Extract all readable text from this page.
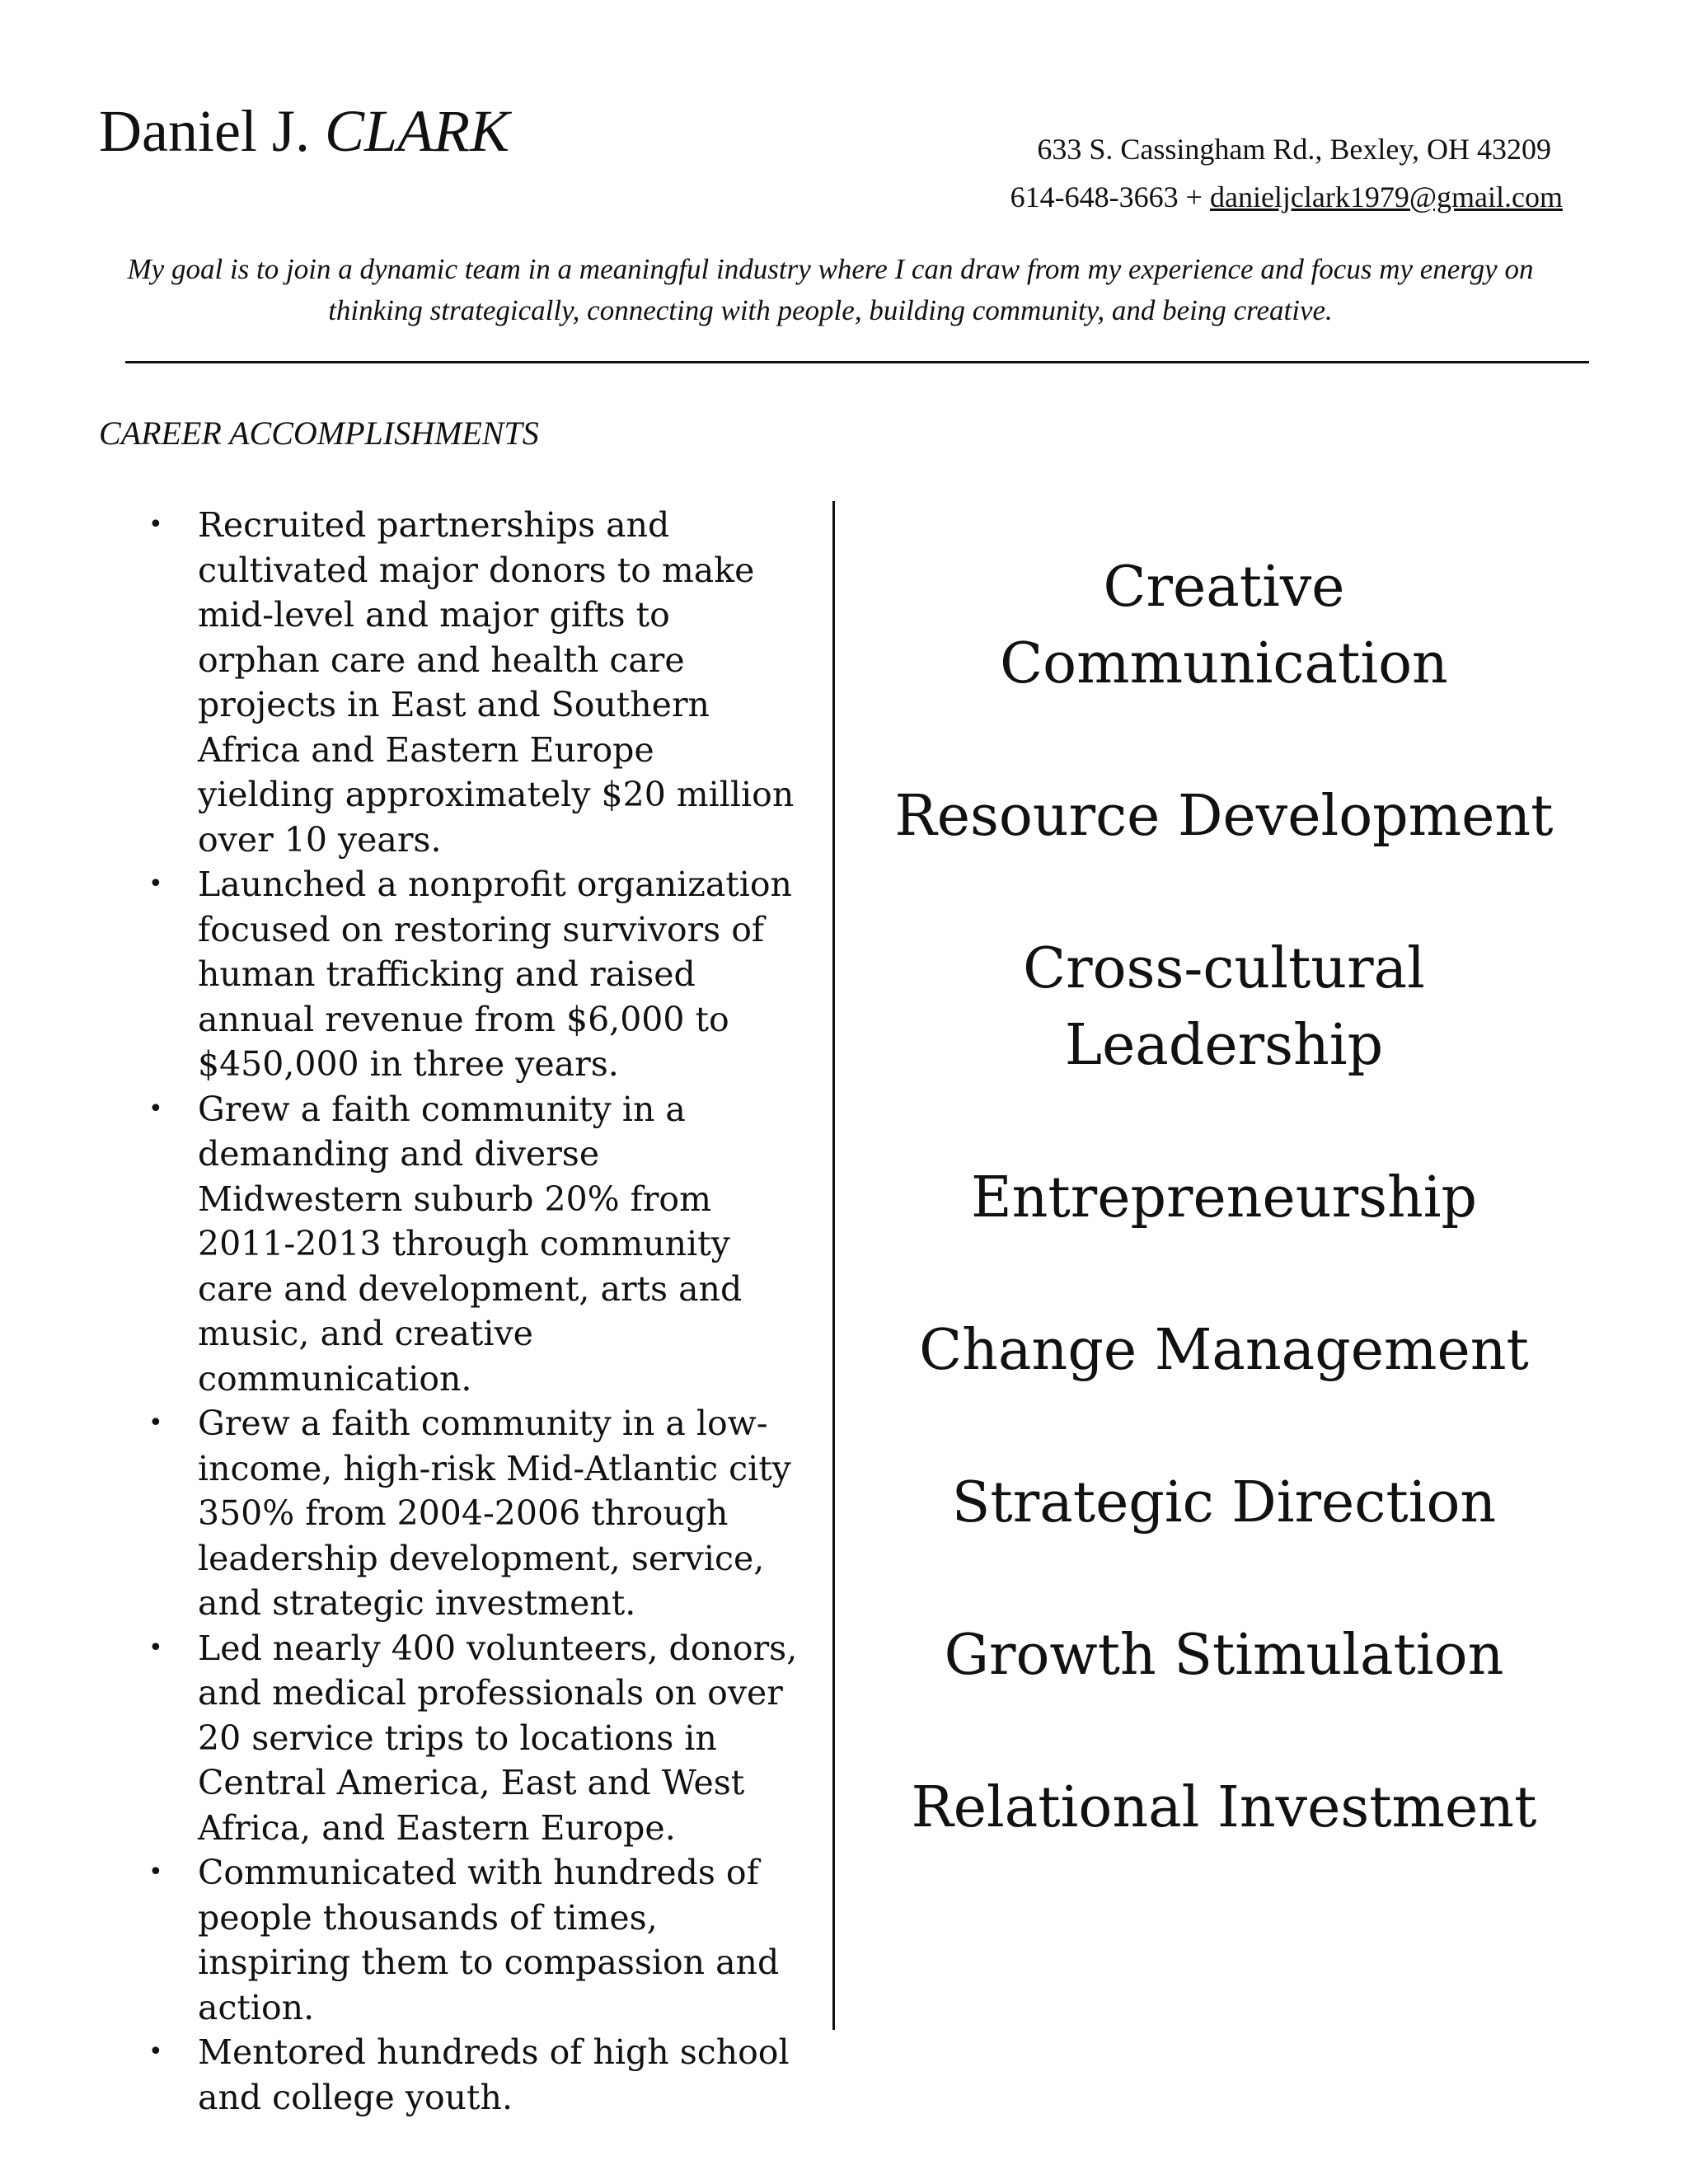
Daniel J. CLARK	633 S. Cassingham Rd., Bexley, OH 43209
614-648-3663 + danieljclark1979@gmail.com
My goal is to join a dynamic team in a meaningful industry where I can draw from my experience and focus my energy on thinking strategically, connecting with people, building community, and being creative.
CAREER ACCOMPLISHMENTS
• Recruited partnerships and cultivated major donors to make mid-level and major gifts to orphan care and health care projects in East and Southern Africa and Eastern Europe yielding approximately $20 million over 10 years.
• Launched a nonprofit organization focused on restoring survivors of human trafficking and raised annual revenue from $6,000 to $450,000 in three years.
• Grew a faith community in a demanding and diverse Midwestern suburb 20% from 2011-2013 through community care and development, arts and music, and creative communication.
• Grew a faith community in a low-income, high-risk Mid-Atlantic city 350% from 2004-2006 through leadership development, service, and strategic investment.
• Led nearly 400 volunteers, donors, and medical professionals on over 20 service trips to locations in Central America, East and West Africa, and Eastern Europe.
• Communicated with hundreds of people thousands of times, inspiring them to compassion and action.
• Mentored hundreds of high school and college youth.
Creative Communication
Resource Development
Cross-cultural Leadership
Entrepreneurship
Change Management
Strategic Direction
Growth Stimulation
Relational Investment
